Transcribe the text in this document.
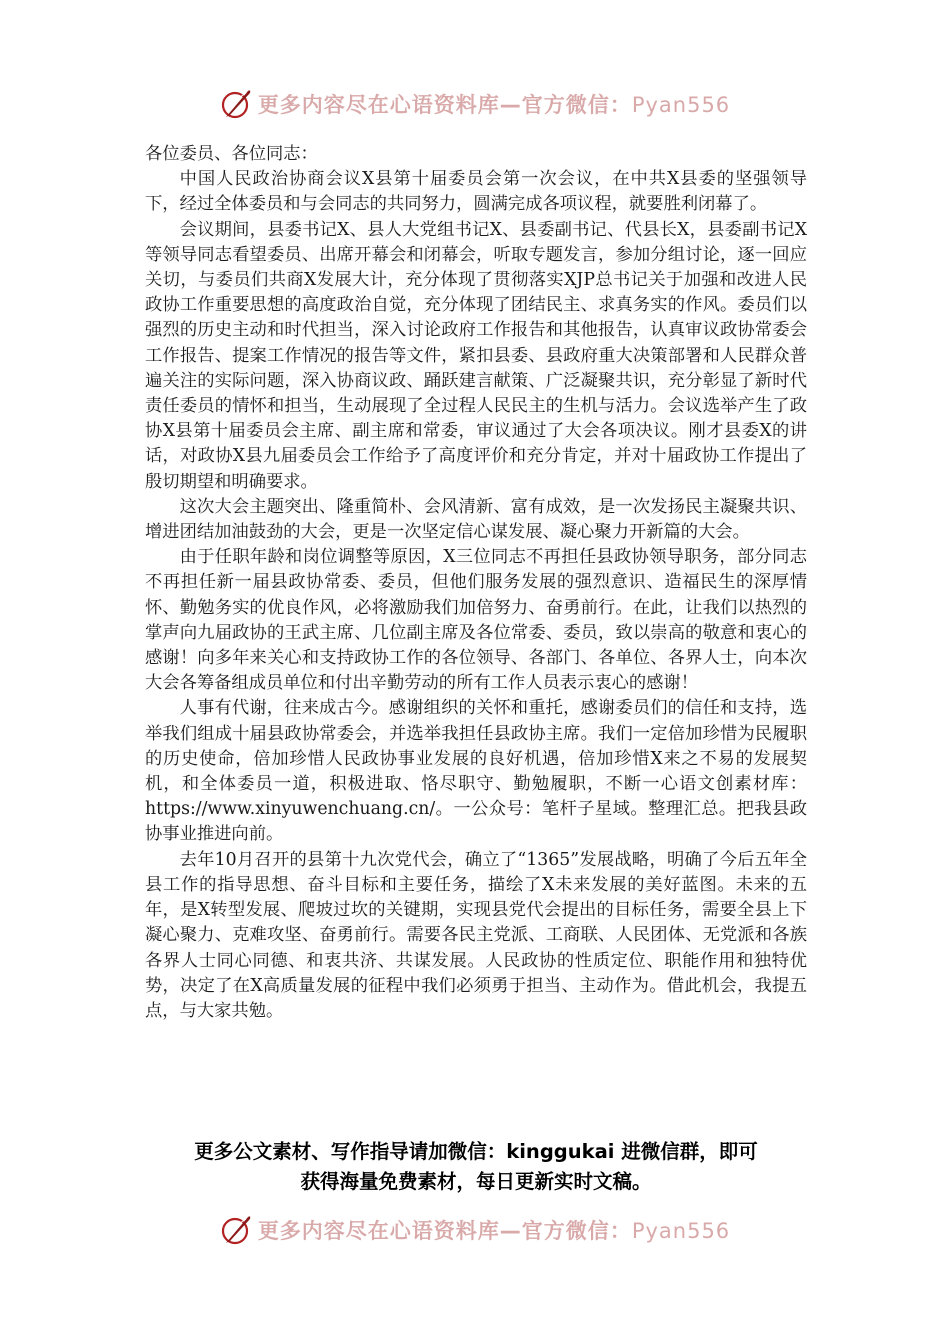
更多内容尽在心语资料库—官方微信：Pyan556

各位委员、各位同志：

中国人民政治协商会议X县第十届委员会第一次会议，在中共X县委的坚强领导下，经过全体委员和与会同志的共同努力，圆满完成各项议程，就要胜利闭幕了。

会议期间，县委书记X、县人大党组书记X、县委副书记、代县长X，县委副书记X等领导同志看望委员、出席开幕会和闭幕会，听取专题发言，参加分组讨论，逐一回应关切，与委员们共商X发展大计，充分体现了贯彻落实XJP总书记关于加强和改进人民政协工作重要思想的高度政治自觉，充分体现了团结民主、求真务实的作风。委员们以强烈的历史主动和时代担当，深入讨论政府工作报告和其他报告，认真审议政协常委会工作报告、提案工作情况的报告等文件，紧扣县委、县政府重大决策部署和人民群众普遍关注的实际问题，深入协商议政、踊跃建言献策、广泛凝聚共识，充分彰显了新时代责任委员的情怀和担当，生动展现了全过程人民民主的生机与活力。会议选举产生了政协X县第十届委员会主席、副主席和常委，审议通过了大会各项决议。刚才县委X的讲话，对政协X县九届委员会工作给予了高度评价和充分肯定，并对十届政协工作提出了殷切期望和明确要求。

这次大会主题突出、隆重简朴、会风清新、富有成效，是一次发扬民主凝聚共识、增进团结加油鼓劲的大会，更是一次坚定信心谋发展、凝心聚力开新篇的大会。

由于任职年龄和岗位调整等原因，X三位同志不再担任县政协领导职务，部分同志不再担任新一届县政协常委、委员，但他们服务发展的强烈意识、造福民生的深厚情怀、勤勉务实的优良作风，必将激励我们加倍努力、奋勇前行。在此，让我们以热烈的掌声向九届政协的王武主席、几位副主席及各位常委、委员，致以崇高的敬意和衷心的感谢！向多年来关心和支持政协工作的各位领导、各部门、各单位、各界人士，向本次大会各筹备组成员单位和付出辛勤劳动的所有工作人员表示衷心的感谢！

人事有代谢，往来成古今。感谢组织的关怀和重托，感谢委员们的信任和支持，选举我们组成十届县政协常委会，并选举我担任县政协主席。我们一定倍加珍惜为民履职的历史使命，倍加珍惜人民政协事业发展的良好机遇，倍加珍惜X来之不易的发展契机，和全体委员一道，积极进取、恪尽职守、勤勉履职，不断一心语文创素材库：https://www.xinyuwenchuang.cn/。一公众号：笔杆子星域。整理汇总。把我县政协事业推进向前。

去年10月召开的县第十九次党代会，确立了“1365”发展战略，明确了今后五年全县工作的指导思想、奋斗目标和主要任务，描绘了X未来发展的美好蓝图。未来的五年，是X转型发展、爬坡过坎的关键期，实现县党代会提出的目标任务，需要全县上下凝心聚力、克难攻坚、奋勇前行。需要各民主党派、工商联、人民团体、无党派和各族各界人士同心同德、和衷共济、共谋发展。人民政协的性质定位、职能作用和独特优势，决定了在X高质量发展的征程中我们必须勇于担当、主动作为。借此机会，我提五点，与大家共勉。

更多公文素材、写作指导请加微信：kinggukai 进微信群，即可
获得海量免费素材，每日更新实时文稿。
更多内容尽在心语资料库—官方微信：Pyan556
